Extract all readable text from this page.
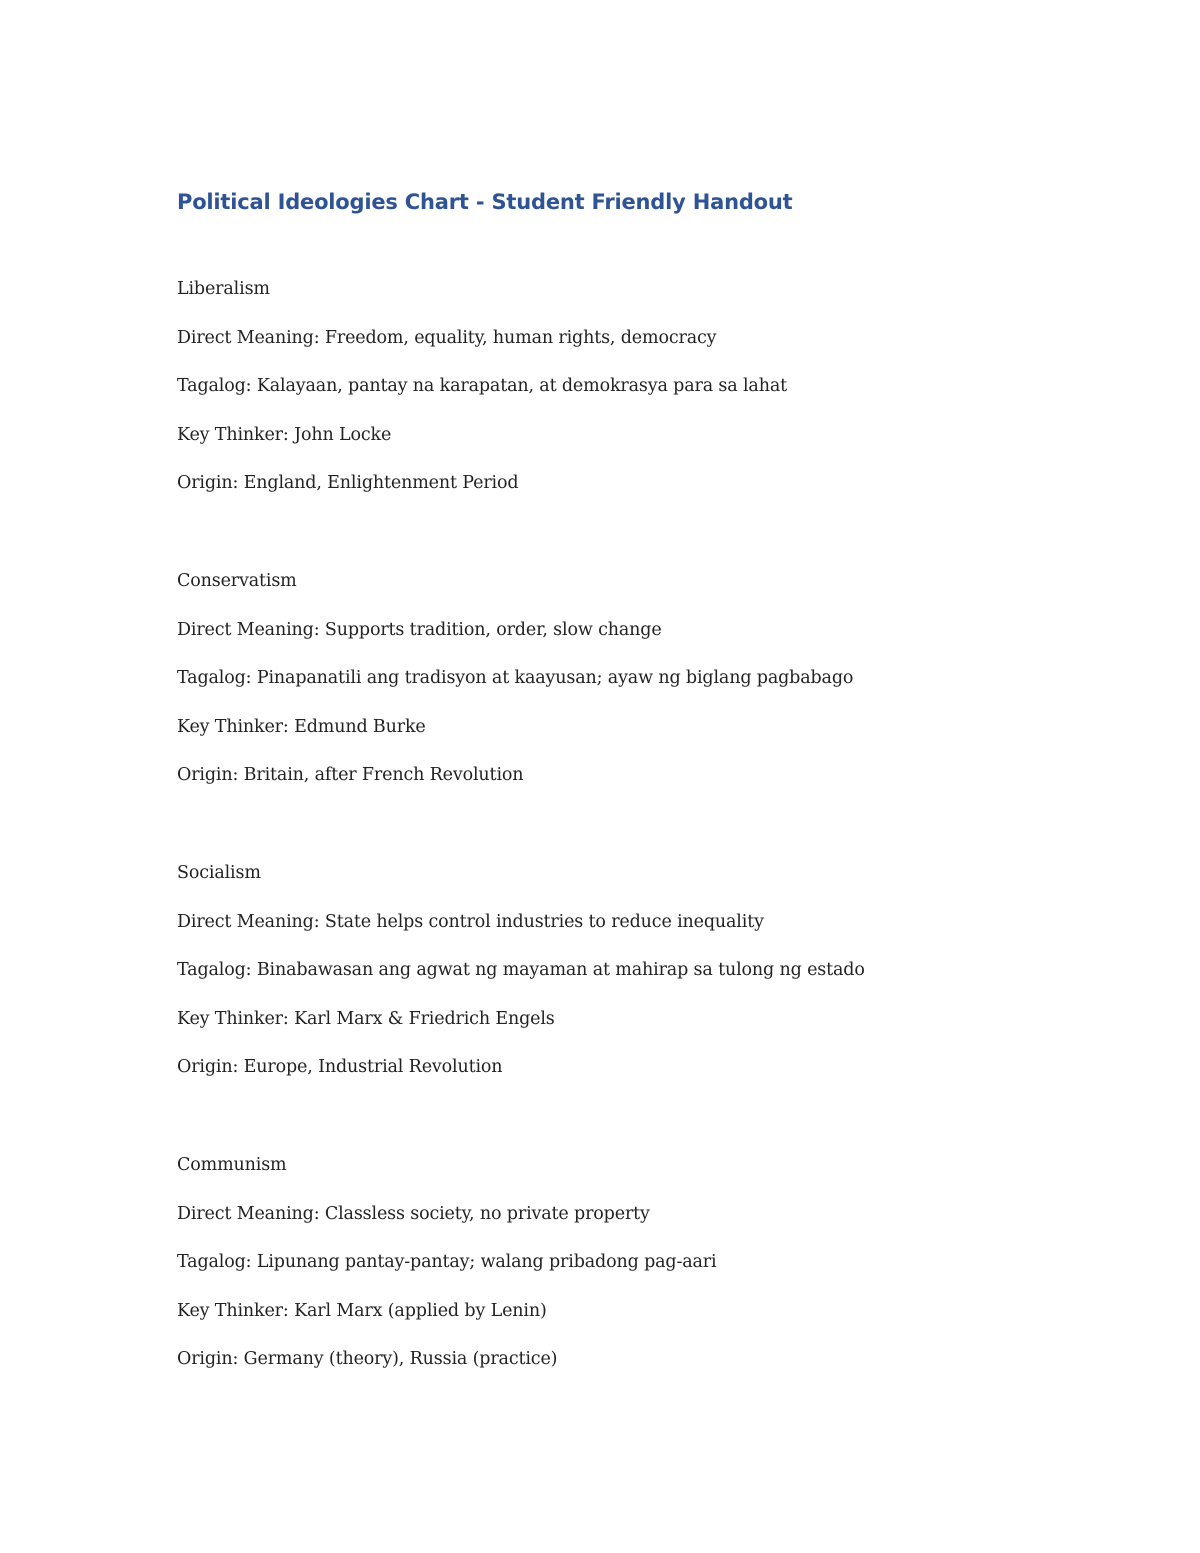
Political Ideologies Chart - Student Friendly Handout
Liberalism
Direct Meaning: Freedom, equality, human rights, democracy
Tagalog: Kalayaan, pantay na karapatan, at demokrasya para sa lahat
Key Thinker: John Locke
Origin: England, Enlightenment Period
Conservatism
Direct Meaning: Supports tradition, order, slow change
Tagalog: Pinapanatili ang tradisyon at kaayusan; ayaw ng biglang pagbabago
Key Thinker: Edmund Burke
Origin: Britain, after French Revolution
Socialism
Direct Meaning: State helps control industries to reduce inequality
Tagalog: Binabawasan ang agwat ng mayaman at mahirap sa tulong ng estado
Key Thinker: Karl Marx & Friedrich Engels
Origin: Europe, Industrial Revolution
Communism
Direct Meaning: Classless society, no private property
Tagalog: Lipunang pantay-pantay; walang pribadong pag-aari
Key Thinker: Karl Marx (applied by Lenin)
Origin: Germany (theory), Russia (practice)
